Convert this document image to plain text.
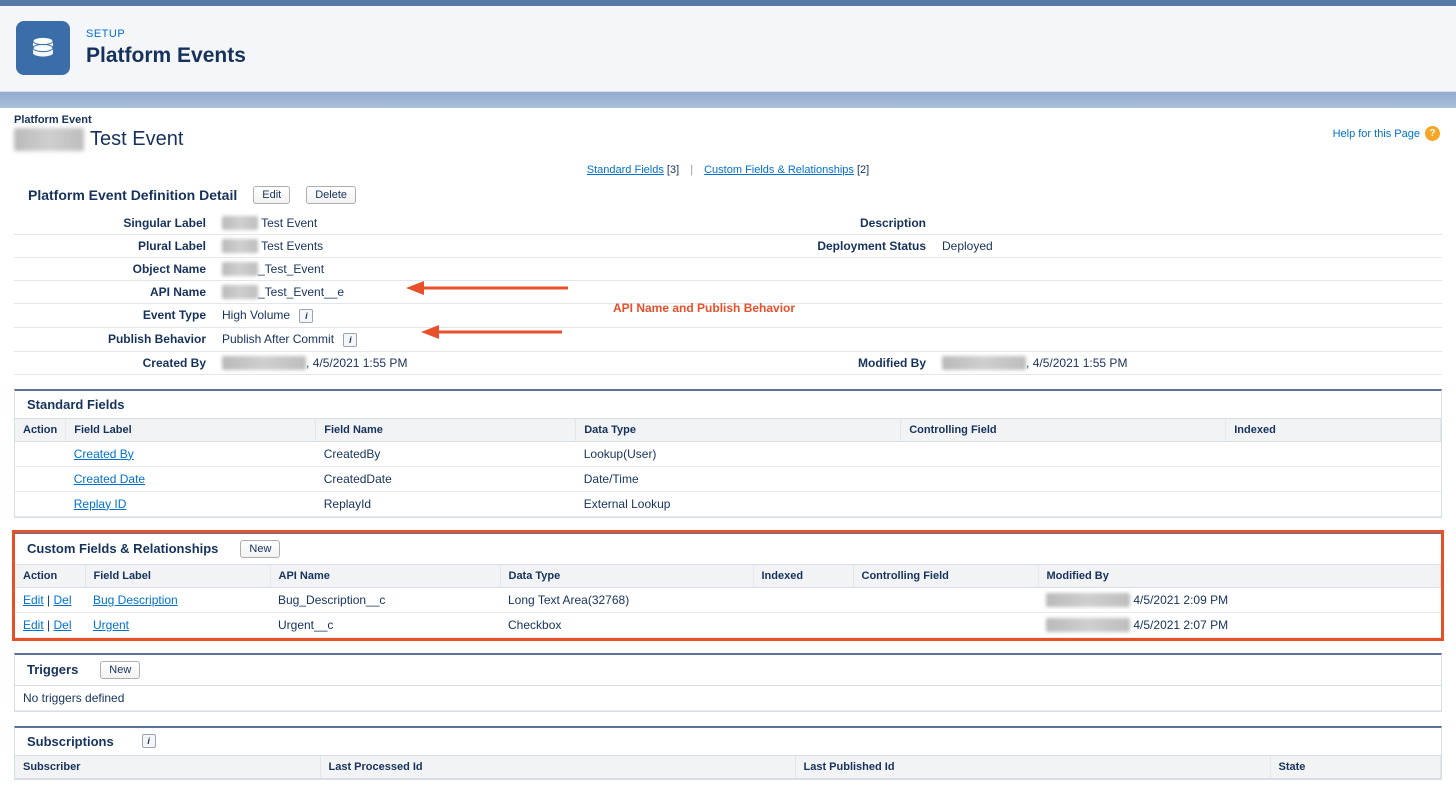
SETUP
Platform Events
Platform Event
Test Event	Help for this Page ?
Standard Fields [3] | Custom Fields & Relationships [2]
Platform Event Definition Detail	Edit	Delete
Singular Label	Test Event	Description	
Plural Label	Test Events	Deployment Status	Deployed
Object Name	_Test_Event		
API Name	_Test_Event__e		
Event Type	High Volume i		
Publish Behavior	Publish After Commit i		
Created By	, 4/5/2021 1:55 PM	Modified By	, 4/5/2021 1:55 PM
Standard Fields
Action	Field Label	Field Name	Data Type	Controlling Field	Indexed
	Created By	CreatedBy	Lookup(User)		
	Created Date	CreatedDate	Date/Time		
	Replay ID	ReplayId	External Lookup		
Custom Fields & Relationships	New
Action	Field Label	API Name	Data Type	Indexed	Controlling Field	Modified By
Edit | Del	Bug Description	Bug_Description__c	Long Text Area(32768)			4/5/2021 2:09 PM
Edit | Del	Urgent	Urgent__c	Checkbox			4/5/2021 2:07 PM
Triggers	New
No triggers defined
Subscriptions	i
Subscriber	Last Processed Id	Last Published Id	State
API Name and Publish Behavior
